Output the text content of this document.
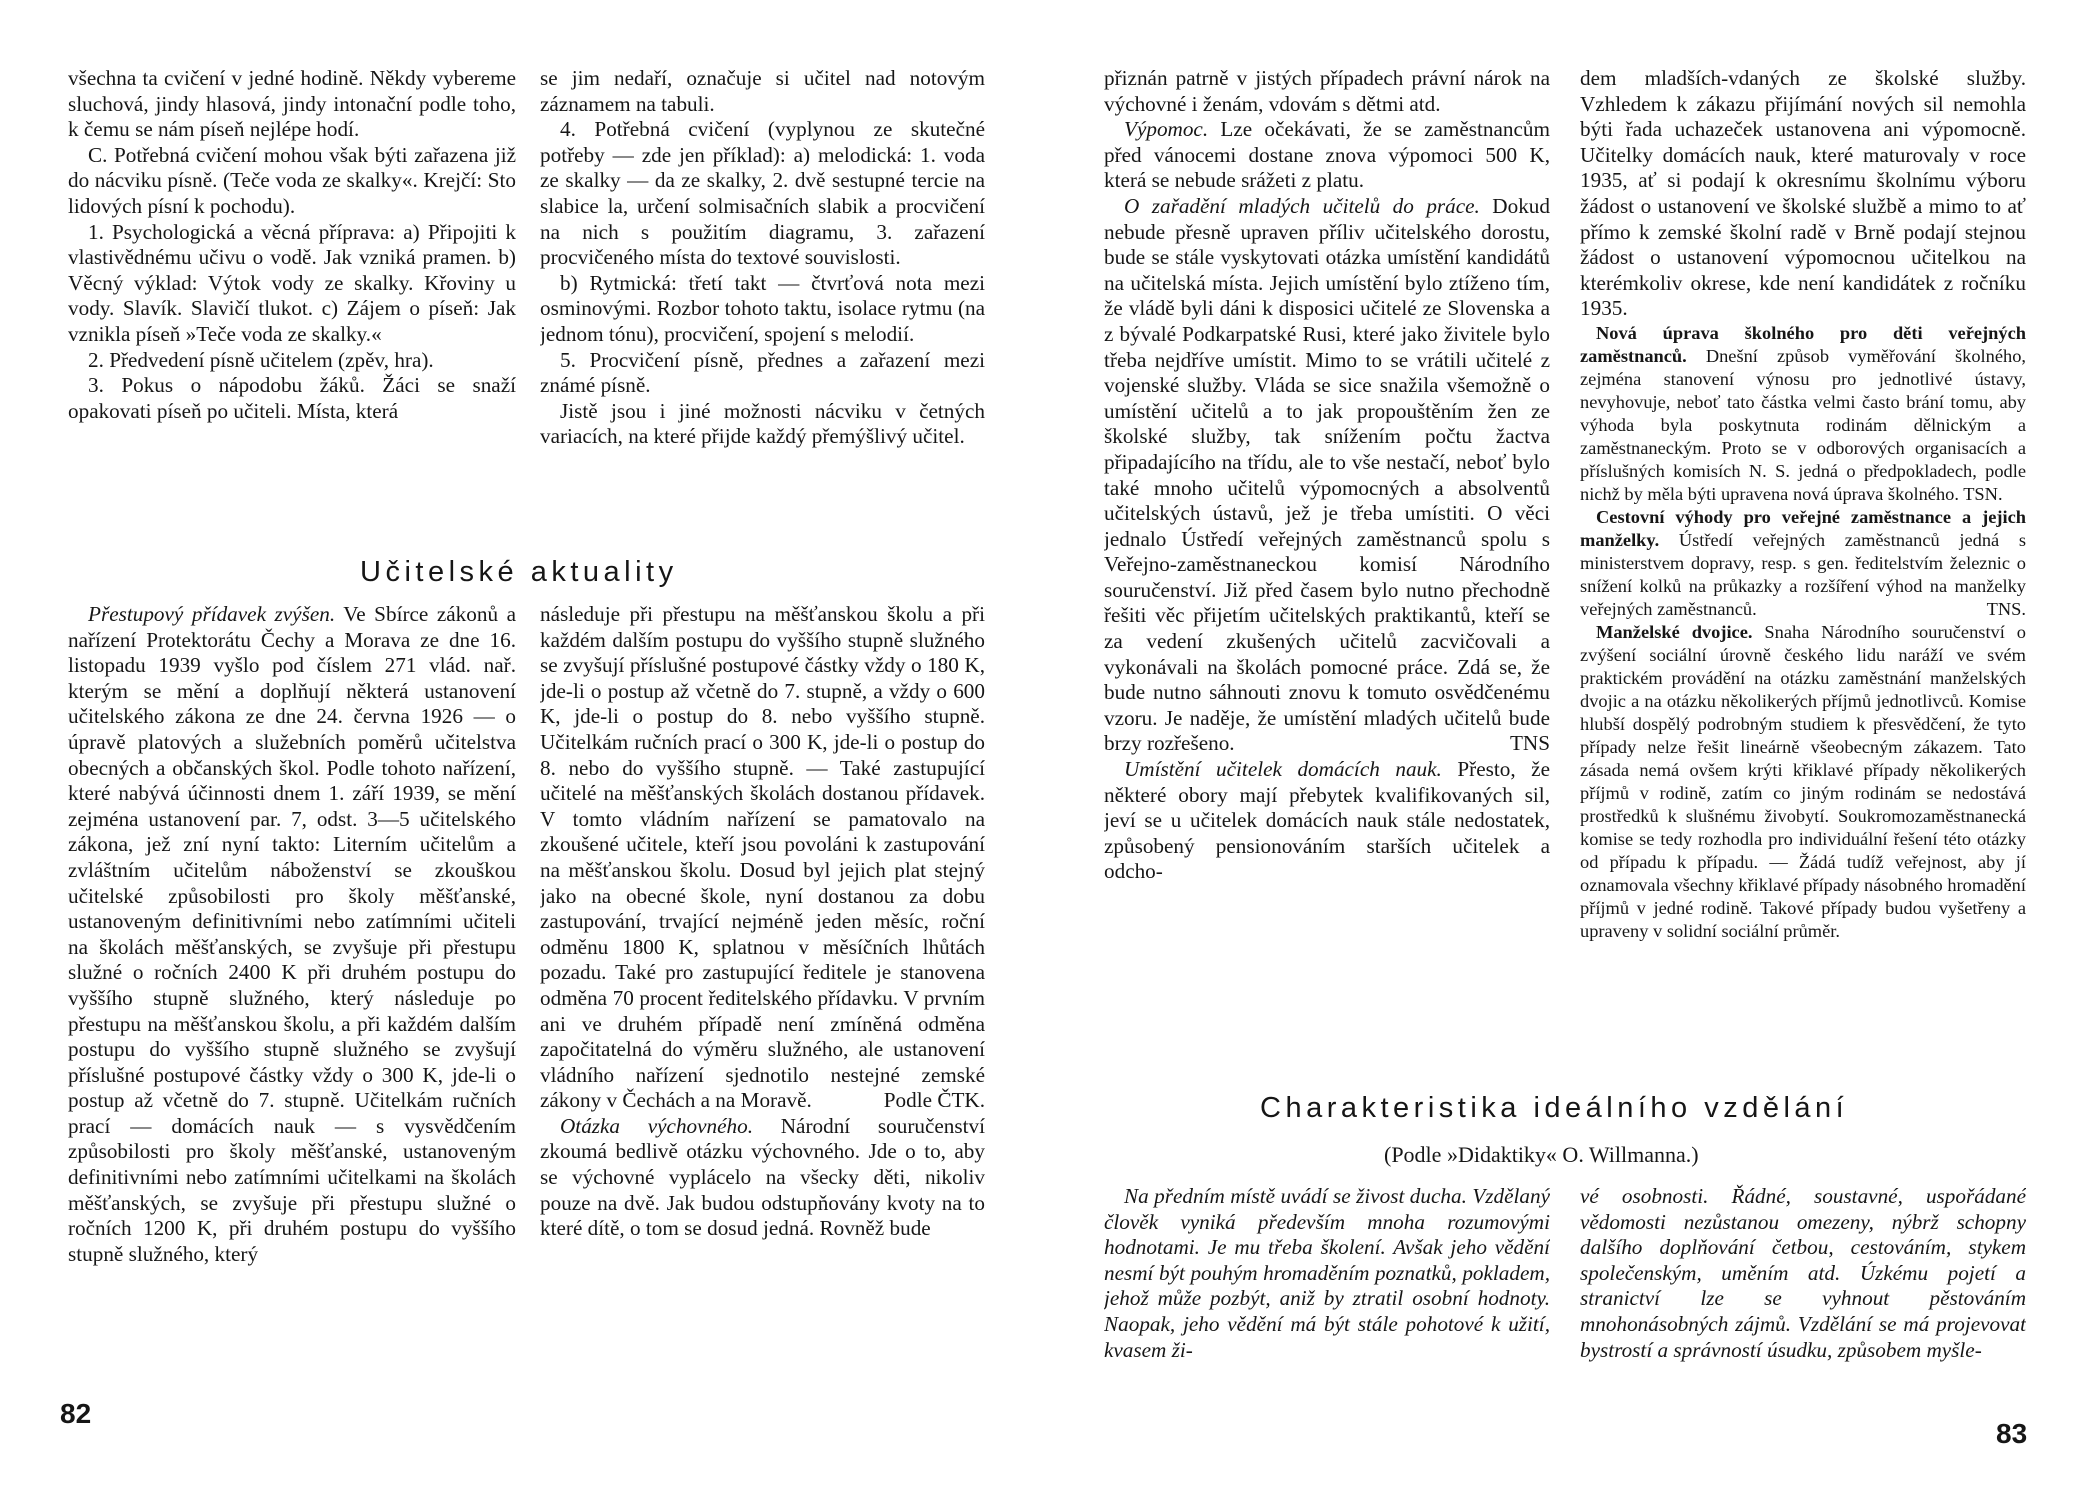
všechna ta cvičení v jedné hodině. Někdy vybereme sluchová, jindy hlasová, jindy intonační podle toho, k čemu se nám píseň nejlépe hodí.

C. Potřebná cvičení mohou však býti zařazena již do nácviku písně. (Teče voda ze skalky«. Krejčí: Sto lidových písní k pochodu).

1. Psychologická a věcná příprava: a) Připojiti k vlastivědnému učivu o vodě. Jak vzniká pramen. b) Věcný výklad: Výtok vody ze skalky. Křoviny u vody. Slavík. Slavičí tlukot. c) Zájem o píseň: Jak vznikla píseň »Teče voda ze skalky.«

2. Předvedení písně učitelem (zpěv, hra).

3. Pokus o nápodobu žáků. Žáci se snaží opakovati píseň po učiteli. Místa, která

se jim nedaří, označuje si učitel nad notovým záznamem na tabuli.

4. Potřebná cvičení (vyplynou ze skutečné potřeby — zde jen příklad): a) melodická: 1. voda ze skalky — da ze skalky, 2. dvě sestupné tercie na slabice la, určení solmisačních slabik a procvičení na nich s použitím diagramu, 3. zařazení procvičeného místa do textové souvislosti.

b) Rytmická: třetí takt — čtvrťová nota mezi osminovými. Rozbor tohoto taktu, isolace rytmu (na jednom tónu), procvičení, spojení s melodií.

5. Procvičení písně, přednes a zařazení mezi známé písně.

Jistě jsou i jiné možnosti nácviku v četných variacích, na které přijde každý přemýšlivý učitel.

Učitelské aktuality

Přestupový přídavek zvýšen. Ve Sbírce zákonů a nařízení Protektorátu Čechy a Morava ze dne 16. listopadu 1939 vyšlo pod číslem 271 vlád. nař. kterým se mění a doplňují některá ustanovení učitelského zákona ze dne 24. června 1926 — o úpravě platových a služebních poměrů učitelstva obecných a občanských škol. Podle tohoto nařízení, které nabývá účinnosti dnem 1. září 1939, se mění zejména ustanovení par. 7, odst. 3—5 učitelského zákona, jež zní nyní takto: Literním učitelům a zvláštním učitelům náboženství se zkouškou učitelské způsobilosti pro školy měšťanské, ustanoveným definitivními nebo zatímními učiteli na školách měšťanských, se zvyšuje při přestupu služné o ročních 2400 K při druhém postupu do vyššího stupně služného, který následuje po přestupu na měšťanskou školu, a při každém dalším postupu do vyššího stupně služného se zvyšují příslušné postupové částky vždy o 300 K, jde-li o postup až včetně do 7. stupně. Učitelkám ručních prací — domácích nauk — s vysvědčením způsobilosti pro školy měšťanské, ustanoveným definitivními nebo zatímními učitelkami na školách měšťanských, se zvyšuje při přestupu služné o ročních 1200 K, při druhém postupu do vyššího stupně služného, který

následuje při přestupu na měšťanskou školu a při každém dalším postupu do vyššího stupně služného se zvyšují příslušné postupové částky vždy o 180 K, jde-li o postup až včetně do 7. stupně, a vždy o 600 K, jde-li o postup do 8. nebo vyššího stupně. Učitelkám ručních prací o 300 K, jde-li o postup do 8. nebo do vyššího stupně. — Také zastupující učitelé na měšťanských školách dostanou přídavek. V tomto vládním nařízení se pamatovalo na zkoušené učitele, kteří jsou povoláni k zastupování na měšťanskou školu. Dosud byl jejich plat stejný jako na obecné škole, nyní dostanou za dobu zastupování, trvající nejméně jeden měsíc, roční odměnu 1800 K, splatnou v měsíčních lhůtách pozadu. Také pro zastupující ředitele je stanovena odměna 70 procent ředitelského přídavku. V prvním ani ve druhém případě není zmíněná odměna započitatelná do výměru služného, ale ustanovení vládního nařízení sjednotilo nestejné zemské zákony v Čechách a na Moravě.	Podle ČTK.

Otázka výchovného. Národní souručenství zkoumá bedlivě otázku výchovného. Jde o to, aby se výchovné vyplácelo na všecky děti, nikoliv pouze na dvě. Jak budou odstupňovány kvoty na to které dítě, o tom se dosud jedná. Rovněž bude

82

přiznán patrně v jistých případech právní nárok na výchovné i ženám, vdovám s dětmi atd.

Výpomoc. Lze očekávati, že se zaměstnancům před vánocemi dostane znova výpomoci 500 K, která se nebude srážeti z platu.

O zařadění mladých učitelů do práce. Dokud nebude přesně upraven příliv učitelského dorostu, bude se stále vyskytovati otázka umístění kandidátů na učitelská místa. Jejich umístění bylo ztíženo tím, že vládě byli dáni k disposici učitelé ze Slovenska a z bývalé Podkarpatské Rusi, které jako živitele bylo třeba nejdříve umístit. Mimo to se vrátili učitelé z vojenské služby. Vláda se sice snažila všemožně o umístění učitelů a to jak propouštěním žen ze školské služby, tak snížením počtu žactva připadajícího na třídu, ale to vše nestačí, neboť bylo také mnoho učitelů výpomocných a absolventů učitelských ústavů, jež je třeba umístiti. O věci jednalo Ústředí veřejných zaměstnanců spolu s Veřejno-zaměstnaneckou komisí Národního souručenství. Již před časem bylo nutno přechodně řešiti věc přijetím učitelských praktikantů, kteří se za vedení zkušených učitelů zacvičovali a vykonávali na školách pomocné práce. Zdá se, že bude nutno sáhnouti znovu k tomuto osvědčenému vzoru. Je naděje, že umístění mladých učitelů bude brzy rozřešeno.	TNS

Umístění učitelek domácích nauk. Přesto, že některé obory mají přebytek kvalifikovaných sil, jeví se u učitelek domácích nauk stále nedostatek, způsobený pensionováním starších učitelek a odcho-

dem mladších-vdaných ze školské služby. Vzhledem k zákazu přijímání nových sil nemohla býti řada uchazeček ustanovena ani výpomocně. Učitelky domácích nauk, které maturovaly v roce 1935, ať si podají k okresnímu školnímu výboru žádost o ustanovení ve školské službě a mimo to ať přímo k zemské školní radě v Brně podají stejnou žádost o ustanovení výpomocnou učitelkou na kterémkoliv okrese, kde není kandidátek z ročníku 1935.

Nová úprava školného pro děti veřejných zaměstnanců. Dnešní způsob vyměřování školného, zejména stanovení výnosu pro jednotlivé ústavy, nevyhovuje, neboť tato částka velmi často brání tomu, aby výhoda byla poskytnuta rodinám dělnickým a zaměstnaneckým. Proto se v odborových organisacích a příslušných komisích N. S. jedná o předpokladech, podle nichž by měla býti upravena nová úprava školného. TSN.

Cestovní výhody pro veřejné zaměstnance a jejich manželky. Ústředí veřejných zaměstnanců jedná s ministerstvem dopravy, resp. s gen. ředitelstvím železnic o snížení kolků na průkazky a rozšíření výhod na manželky veřejných zaměstnanců.	TNS.

Manželské dvojice. Snaha Národního souručenství o zvýšení sociální úrovně českého lidu naráží ve svém praktickém provádění na otázku zaměstnání manželských dvojic a na otázku několikerých příjmů jednotlivců. Komise hlubší dospělý podrobným studiem k přesvědčení, že tyto případy nelze řešit lineárně všeobecným zákazem. Tato zásada nemá ovšem krýti křiklavé případy několikerých příjmů v rodině, zatím co jiným rodinám se nedostává prostředků k slušnému živobytí. Soukromozaměstnanecká komise se tedy rozhodla pro individuální řešení této otázky od případu k případu. — Žádá tudíž veřejnost, aby jí oznamovala všechny křiklavé případy násobného hromadění příjmů v jedné rodině. Takové případy budou vyšetřeny a upraveny v solidní sociální průměr.

Charakteristika ideálního vzdělání
(Podle »Didaktiky« O. Willmanna.)

Na předním místě uvádí se živost ducha. Vzdělaný člověk vyniká především mnoha rozumovými hodnotami. Je mu třeba školení. Avšak jeho vědění nesmí být pouhým hromaděním poznatků, pokladem, jehož může pozbýt, aniž by ztratil osobní hodnoty. Naopak, jeho vědění má být stále pohotové k užití, kvasem ži-

vé osobnosti. Řádné, soustavné, uspořádané vědomosti nezůstanou omezeny, nýbrž schopny dalšího doplňování četbou, cestováním, stykem společenským, uměním atd. Úzkému pojetí a stranictví lze se vyhnout pěstováním mnohonásobných zájmů. Vzdělání se má projevovat bystrostí a správností úsudku, způsobem myšle-

83
